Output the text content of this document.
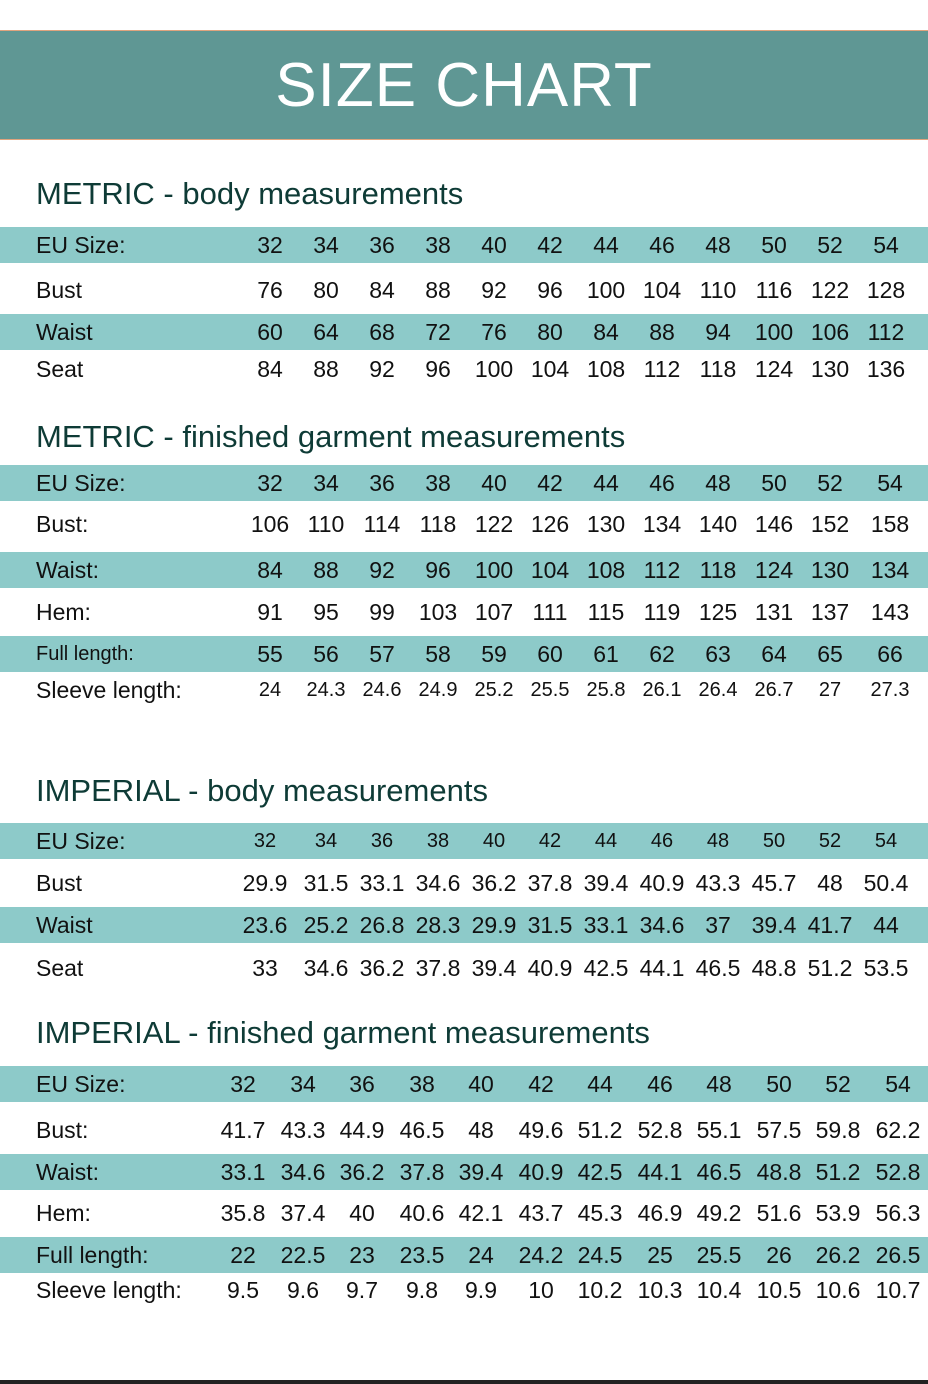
SIZE CHART
METRIC - body measurements
EU Size:	32 34 36 38 40 42 44 46 48 50 52 54
Bust	76 80 84 88 92 96 100 104 110 116 122 128
Waist	60 64 68 72 76 80 84 88 94 100 106 112
Seat	84 88 92 96 100 104 108 112 118 124 130 136
METRIC - finished garment measurements
EU Size:	32 34 36 38 40 42 44 46 48 50 52 54
Bust:	106 110 114 118 122 126 130 134 140 146 152 158
Waist:	84 88 92 96 100 104 108 112 118 124 130 134
Hem:	91 95 99 103 107 111 115 119 125 131 137 143
Full length:	55 56 57 58 59 60 61 62 63 64 65 66
Sleeve length:	24 24.3 24.6 24.9 25.2 25.5 25.8 26.1 26.4 26.7 27 27.3
IMPERIAL - body measurements
EU Size:	32 34 36 38 40 42 44 46 48 50 52 54
Bust	29.9 31.5 33.1 34.6 36.2 37.8 39.4 40.9 43.3 45.7 48 50.4
Waist	23.6 25.2 26.8 28.3 29.9 31.5 33.1 34.6 37 39.4 41.7 44
Seat	33 34.6 36.2 37.8 39.4 40.9 42.5 44.1 46.5 48.8 51.2 53.5
IMPERIAL - finished garment measurements
EU Size:	32 34 36 38 40 42 44 46 48 50 52 54
Bust:	41.7 43.3 44.9 46.5 48 49.6 51.2 52.8 55.1 57.5 59.8 62.2
Waist:	33.1 34.6 36.2 37.8 39.4 40.9 42.5 44.1 46.5 48.8 51.2 52.8
Hem:	35.8 37.4 40 40.6 42.1 43.7 45.3 46.9 49.2 51.6 53.9 56.3
Full length:	22 22.5 23 23.5 24 24.2 24.5 25 25.5 26 26.2 26.5
Sleeve length: 9.5 9.6 9.7 9.8 9.9 10 10.2 10.3 10.4 10.5 10.6 10.7
